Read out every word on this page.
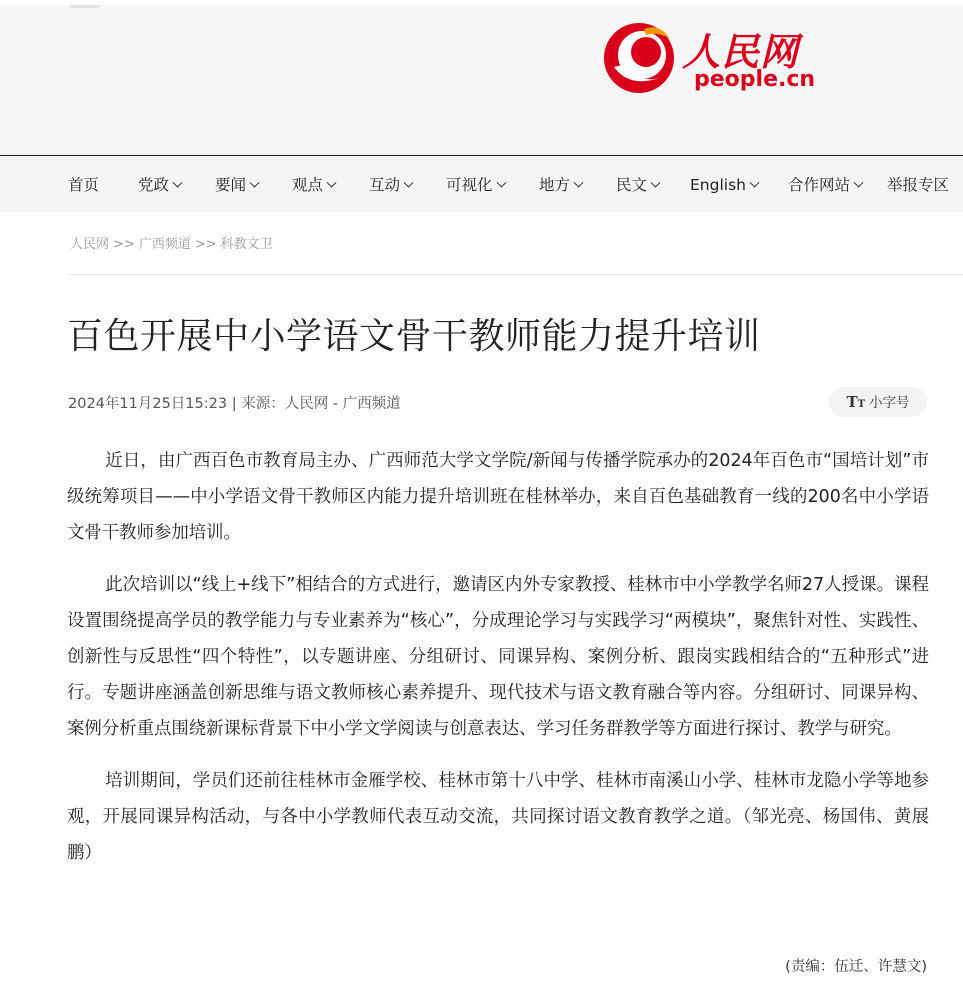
人民网
people.cn
首页	党政	要闻	观点	互动	可视化	地方	民文	English	合作网站	举报专区
人民网 >> 广西频道 >> 科教文卫
百色开展中小学语文骨干教师能力提升培训
2024年11月25日15:23 | 来源：人民网 - 广西频道	TT 小字号

近日，由广西百色市教育局主办、广西师范大学文学院/新闻与传播学院承办的2024年百色市“国培计划”市级统筹项目——中小学语文骨干教师区内能力提升培训班在桂林举办，来自百色基础教育一线的200名中小学语文骨干教师参加培训。

此次培训以“线上+线下”相结合的方式进行，邀请区内外专家教授、桂林市中小学教学名师27人授课。课程设置围绕提高学员的教学能力与专业素养为“核心”，分成理论学习与实践学习“两模块”，聚焦针对性、实践性、创新性与反思性“四个特性”，以专题讲座、分组研讨、同课异构、案例分析、跟岗实践相结合的“五种形式”进行。专题讲座涵盖创新思维与语文教师核心素养提升、现代技术与语文教育融合等内容。分组研讨、同课异构、案例分析重点围绕新课标背景下中小学文学阅读与创意表达、学习任务群教学等方面进行探讨、教学与研究。

培训期间，学员们还前往桂林市金雁学校、桂林市第十八中学、桂林市南溪山小学、桂林市龙隐小学等地参观，开展同课异构活动，与各中小学教师代表互动交流，共同探讨语文教育教学之道。（邹光亮、杨国伟、黄展鹏）

(责编：伍迁、许慧文)
